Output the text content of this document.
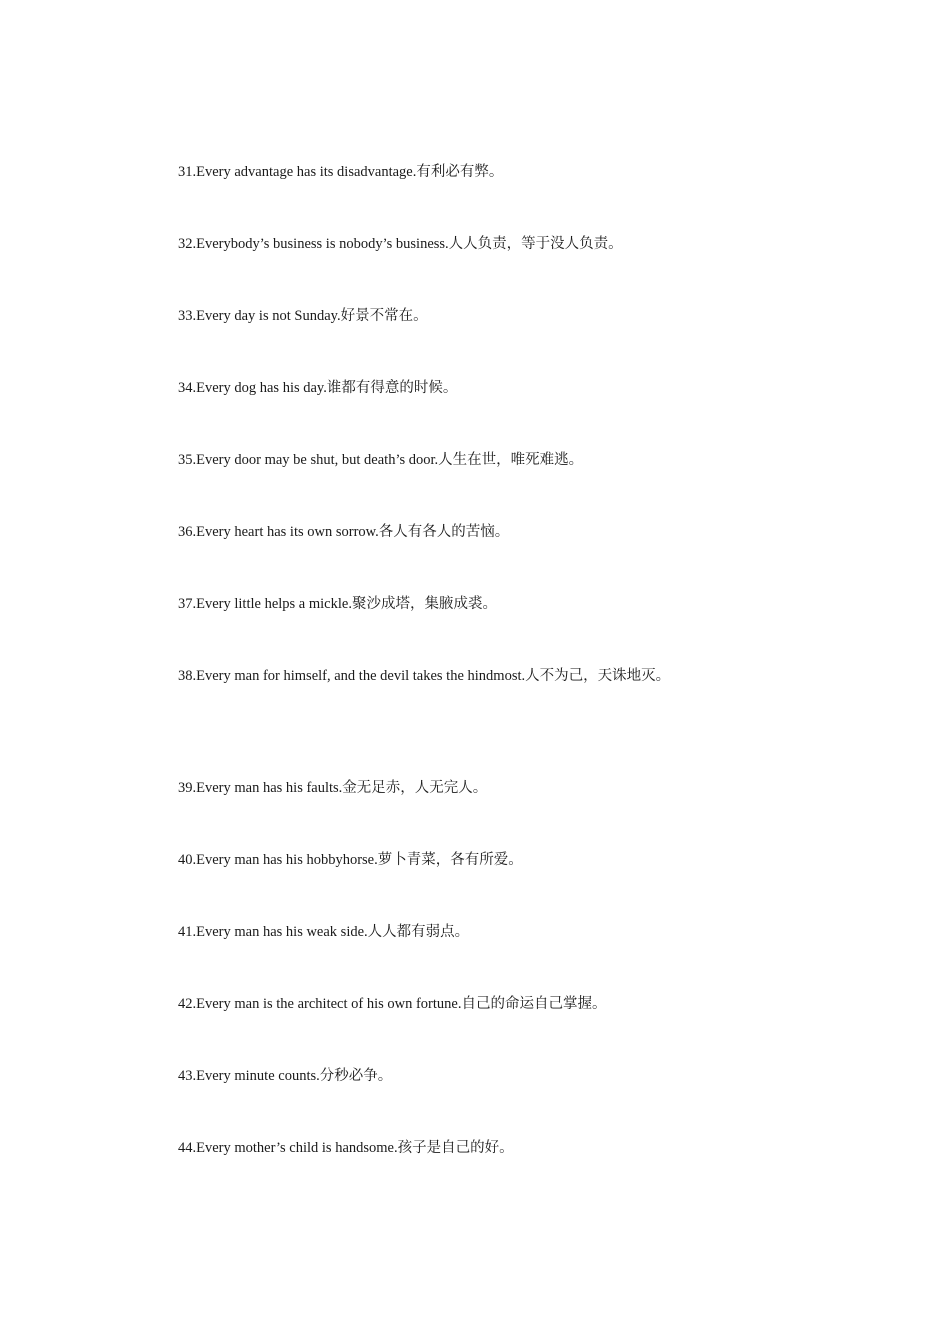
31.Every advantage has its disadvantage.有利必有弊。

32.Everybody’s business is nobody’s business.人人负责，等于没人负责。

33.Every day is not Sunday.好景不常在。

34.Every dog has his day.谁都有得意的时候。

35.Every door may be shut, but death’s door.人生在世，唯死难逃。

36.Every heart has its own sorrow.各人有各人的苦恼。

37.Every little helps a mickle.聚沙成塔，集腋成裘。

38.Every man for himself, and the devil takes the hindmost.人不为己，天诛地灭。

39.Every man has his faults.金无足赤，人无完人。

40.Every man has his hobbyhorse.萝卜青菜，各有所爱。

41.Every man has his weak side.人人都有弱点。

42.Every man is the architect of his own fortune.自己的命运自己掌握。

43.Every minute counts.分秒必争。

44.Every mother’s child is handsome.孩子是自己的好。
